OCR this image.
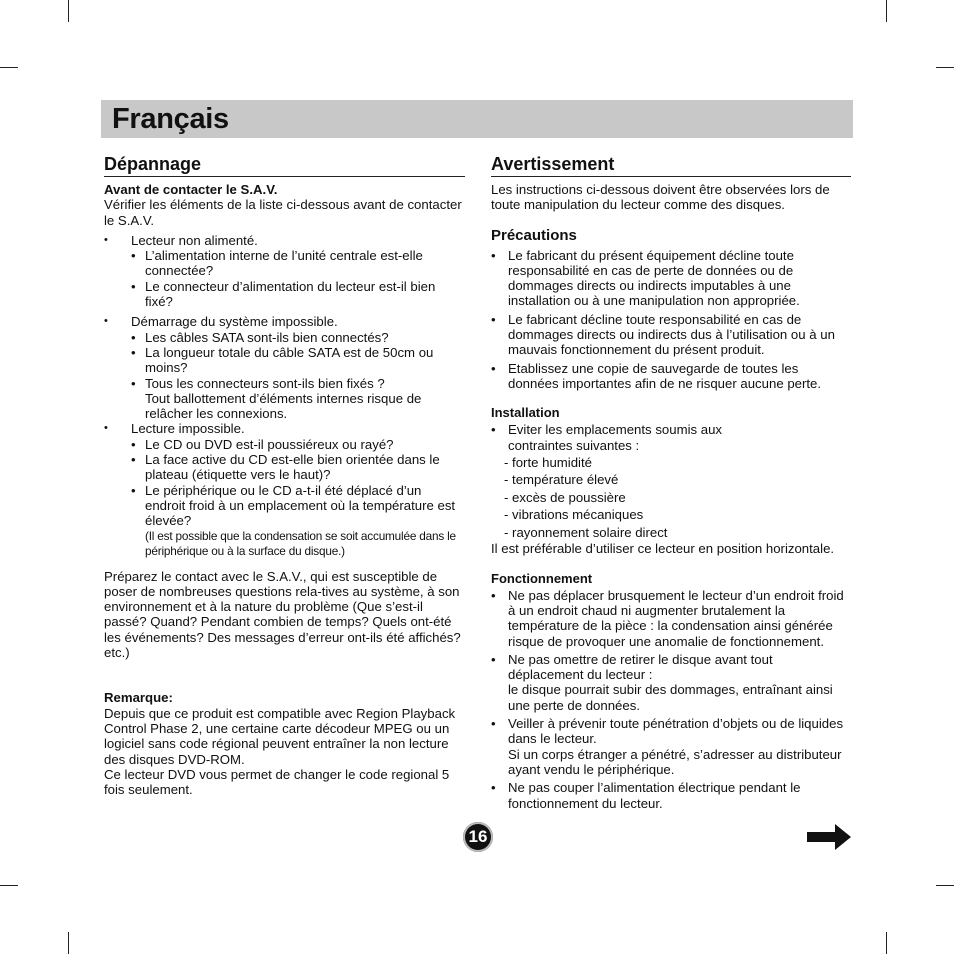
Français
Dépannage

Avant de contacter le S.A.V.

Vérifier les éléments de la liste ci-dessous avant de contacter le S.A.V.

• Lecteur non alimenté.
• L’alimentation interne de l’unité centrale est-elle connectée?
• Le connecteur d’alimentation du lecteur est-il bien fixé?
• Démarrage du système impossible.
• Les câbles SATA sont-ils bien connectés?
• La longueur totale du câble SATA est de 50cm ou moins?
• Tous les connecteurs sont-ils bien fixés ?
Tout ballottement d’éléments internes risque de relâcher les connexions.
• Lecture impossible.
• Le CD ou DVD est-il poussiéreux ou rayé?
• La face active du CD est-elle bien orientée dans le plateau (étiquette vers le haut)?
• Le périphérique ou le CD a-t-il été déplacé d’un endroit froid à un emplacement où la température est élevée?
(Il est possible que la condensation se soit accumulée dans le périphérique ou à la surface du disque.)

Préparez le contact avec le S.A.V., qui est susceptible de poser de nombreuses questions rela-tives au système, à son environnement et à la nature du problème (Que s’est-il passé? Quand? Pendant combien de temps? Quels ont-été les événements? Des messages d’erreur ont-ils été affichés? etc.)

Remarque:

Depuis que ce produit est compatible avec Region Playback Control Phase 2, une certaine carte décodeur MPEG ou un logiciel sans code régional peuvent entraîner la non lecture des disques DVD-ROM.
Ce lecteur DVD vous permet de changer le code regional 5 fois seulement.

Avertissement

Les instructions ci-dessous doivent être observées lors de toute manipulation du lecteur comme des disques.

Précautions
• Le fabricant du présent équipement décline toute responsabilité en cas de perte de données ou de dommages directs ou indirects imputables à une installation ou à une manipulation non appropriée.
• Le fabricant décline toute responsabilité en cas de dommages directs ou indirects dus à l’utilisation ou à un mauvais fonctionnement du présent produit.
• Etablissez une copie de sauvegarde de toutes les données importantes afin de ne risquer aucune perte.
Installation
• Eviter les emplacements soumis aux
contraintes suivantes :
- forte humidité
- température élevé
- excès de poussière
- vibrations mécaniques
- rayonnement solaire direct

Il est préférable d’utiliser ce lecteur en position horizontale.

Fonctionnement
• Ne pas déplacer brusquement le lecteur d’un endroit froid à un endroit chaud ni augmenter brutalement la température de la pièce : la condensation ainsi générée risque de provoquer une anomalie de fonctionnement.
• Ne pas omettre de retirer le disque avant tout déplacement du lecteur :
le disque pourrait subir des dommages, entraînant ainsi une perte de données.
• Veiller à prévenir toute pénétration d’objets ou de liquides dans le lecteur.
Si un corps étranger a pénétré, s’adresser au distributeur ayant vendu le périphérique.
• Ne pas couper l’alimentation électrique pendant le fonctionnement du lecteur.
16
